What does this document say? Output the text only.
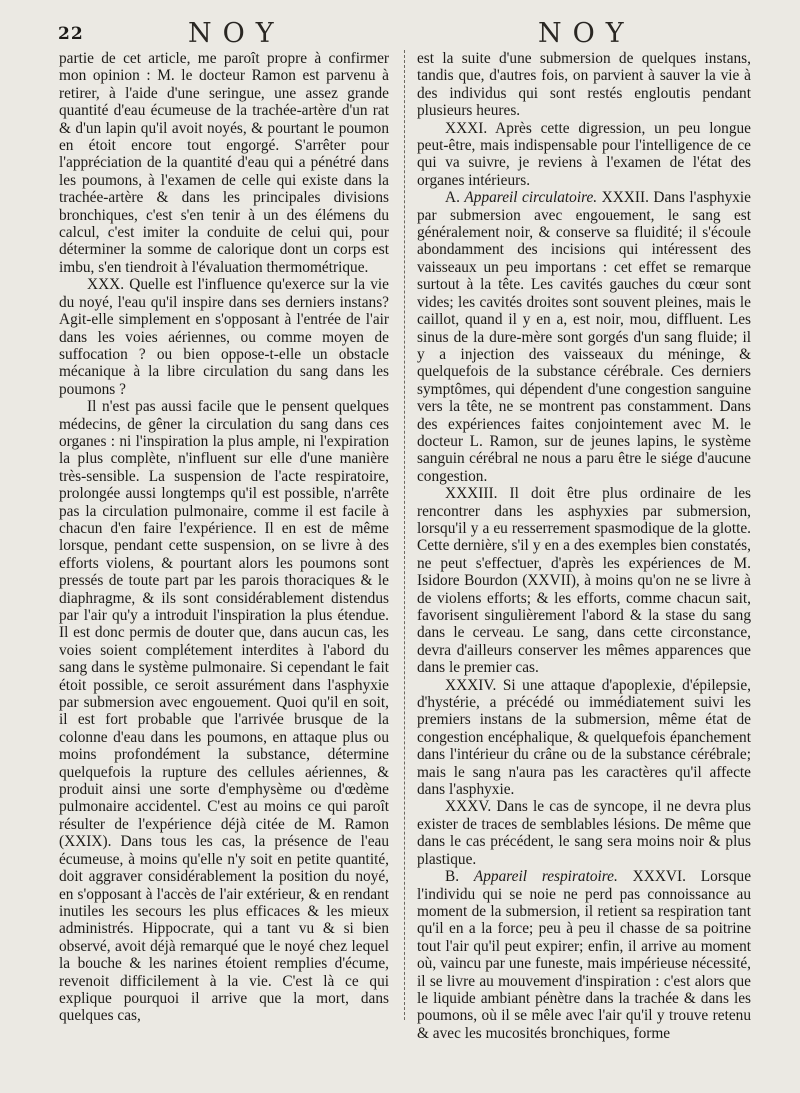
22	NOY	NOY

partie de cet article, me paroît propre à confirmer mon opinion : M. le docteur Ramon est parvenu à retirer, à l'aide d'une seringue, une assez grande quantité d'eau écumeuse de la trachée-artère d'un rat & d'un lapin qu'il avoit noyés, & pourtant le poumon en étoit encore tout engorgé. S'arrêter pour l'appréciation de la quantité d'eau qui a pénétré dans les poumons, à l'examen de celle qui existe dans la trachée-artère & dans les principales divisions bronchiques, c'est s'en tenir à un des élémens du calcul, c'est imiter la conduite de celui qui, pour déterminer la somme de calorique dont un corps est imbu, s'en tiendroit à l'évaluation thermométrique.

XXX. Quelle est l'influence qu'exerce sur la vie du noyé, l'eau qu'il inspire dans ses derniers instans? Agit-elle simplement en s'opposant à l'entrée de l'air dans les voies aériennes, ou comme moyen de suffocation ? ou bien oppose-t-elle un obstacle mécanique à la libre circulation du sang dans les poumons ?

Il n'est pas aussi facile que le pensent quelques médecins, de gêner la circulation du sang dans ces organes : ni l'inspiration la plus ample, ni l'expiration la plus complète, n'influent sur elle d'une manière très-sensible. La suspension de l'acte respiratoire, prolongée aussi longtemps qu'il est possible, n'arrête pas la circulation pulmonaire, comme il est facile à chacun d'en faire l'expérience. Il en est de même lorsque, pendant cette suspension, on se livre à des efforts violens, & pourtant alors les poumons sont pressés de toute part par les parois thoraciques & le diaphragme, & ils sont considérablement distendus par l'air qu'y a introduit l'inspiration la plus étendue. Il est donc permis de douter que, dans aucun cas, les voies soient complétement interdites à l'abord du sang dans le système pulmonaire. Si cependant le fait étoit possible, ce seroit assurément dans l'asphyxie par submersion avec engouement. Quoi qu'il en soit, il est fort probable que l'arrivée brusque de la colonne d'eau dans les poumons, en attaque plus ou moins profondément la substance, détermine quelquefois la rupture des cellules aériennes, & produit ainsi une sorte d'emphysème ou d'œdème pulmonaire accidentel. C'est au moins ce qui paroît résulter de l'expérience déjà citée de M. Ramon (XXIX). Dans tous les cas, la présence de l'eau écumeuse, à moins qu'elle n'y soit en petite quantité, doit aggraver considérablement la position du noyé, en s'opposant à l'accès de l'air extérieur, & en rendant inutiles les secours les plus efficaces & les mieux administrés. Hippocrate, qui a tant vu & si bien observé, avoit déjà remarqué que le noyé chez lequel la bouche & les narines étoient remplies d'écume, revenoit difficilement à la vie. C'est là ce qui explique pourquoi il arrive que la mort, dans quelques cas,

est la suite d'une submersion de quelques instans, tandis que, d'autres fois, on parvient à sauver la vie à des individus qui sont restés engloutis pendant plusieurs heures.

XXXI. Après cette digression, un peu longue peut-être, mais indispensable pour l'intelligence de ce qui va suivre, je reviens à l'examen de l'état des organes intérieurs.

A. Appareil circulatoire. XXXII. Dans l'asphyxie par submersion avec engouement, le sang est généralement noir, & conserve sa fluidité; il s'écoule abondamment des incisions qui intéressent des vaisseaux un peu importans : cet effet se remarque surtout à la tête. Les cavités gauches du cœur sont vides; les cavités droites sont souvent pleines, mais le caillot, quand il y en a, est noir, mou, diffluent. Les sinus de la dure-mère sont gorgés d'un sang fluide; il y a injection des vaisseaux du méninge, & quelquefois de la substance cérébrale. Ces derniers symptômes, qui dépendent d'une congestion sanguine vers la tête, ne se montrent pas constamment. Dans des expériences faites conjointement avec M. le docteur L. Ramon, sur de jeunes lapins, le système sanguin cérébral ne nous a paru être le siége d'aucune congestion.

XXXIII. Il doit être plus ordinaire de les rencontrer dans les asphyxies par submersion, lorsqu'il y a eu resserrement spasmodique de la glotte. Cette dernière, s'il y en a des exemples bien constatés, ne peut s'effectuer, d'après les expériences de M. Isidore Bourdon (XXVII), à moins qu'on ne se livre à de violens efforts; & les efforts, comme chacun sait, favorisent singulièrement l'abord & la stase du sang dans le cerveau. Le sang, dans cette circonstance, devra d'ailleurs conserver les mêmes apparences que dans le premier cas.

XXXIV. Si une attaque d'apoplexie, d'épilepsie, d'hystérie, a précédé ou immédiatement suivi les premiers instans de la submersion, même état de congestion encéphalique, & quelquefois épanchement dans l'intérieur du crâne ou de la substance cérébrale; mais le sang n'aura pas les caractères qu'il affecte dans l'asphyxie.

XXXV. Dans le cas de syncope, il ne devra plus exister de traces de semblables lésions. De même que dans le cas précédent, le sang sera moins noir & plus plastique.

B. Appareil respiratoire. XXXVI. Lorsque l'individu qui se noie ne perd pas connoissance au moment de la submersion, il retient sa respiration tant qu'il en a la force; peu à peu il chasse de sa poitrine tout l'air qu'il peut expirer; enfin, il arrive au moment où, vaincu par une funeste, mais impérieuse nécessité, il se livre au mouvement d'inspiration : c'est alors que le liquide ambiant pénètre dans la trachée & dans les poumons, où il se mêle avec l'air qu'il y trouve retenu & avec les mucosités bronchiques, forme
